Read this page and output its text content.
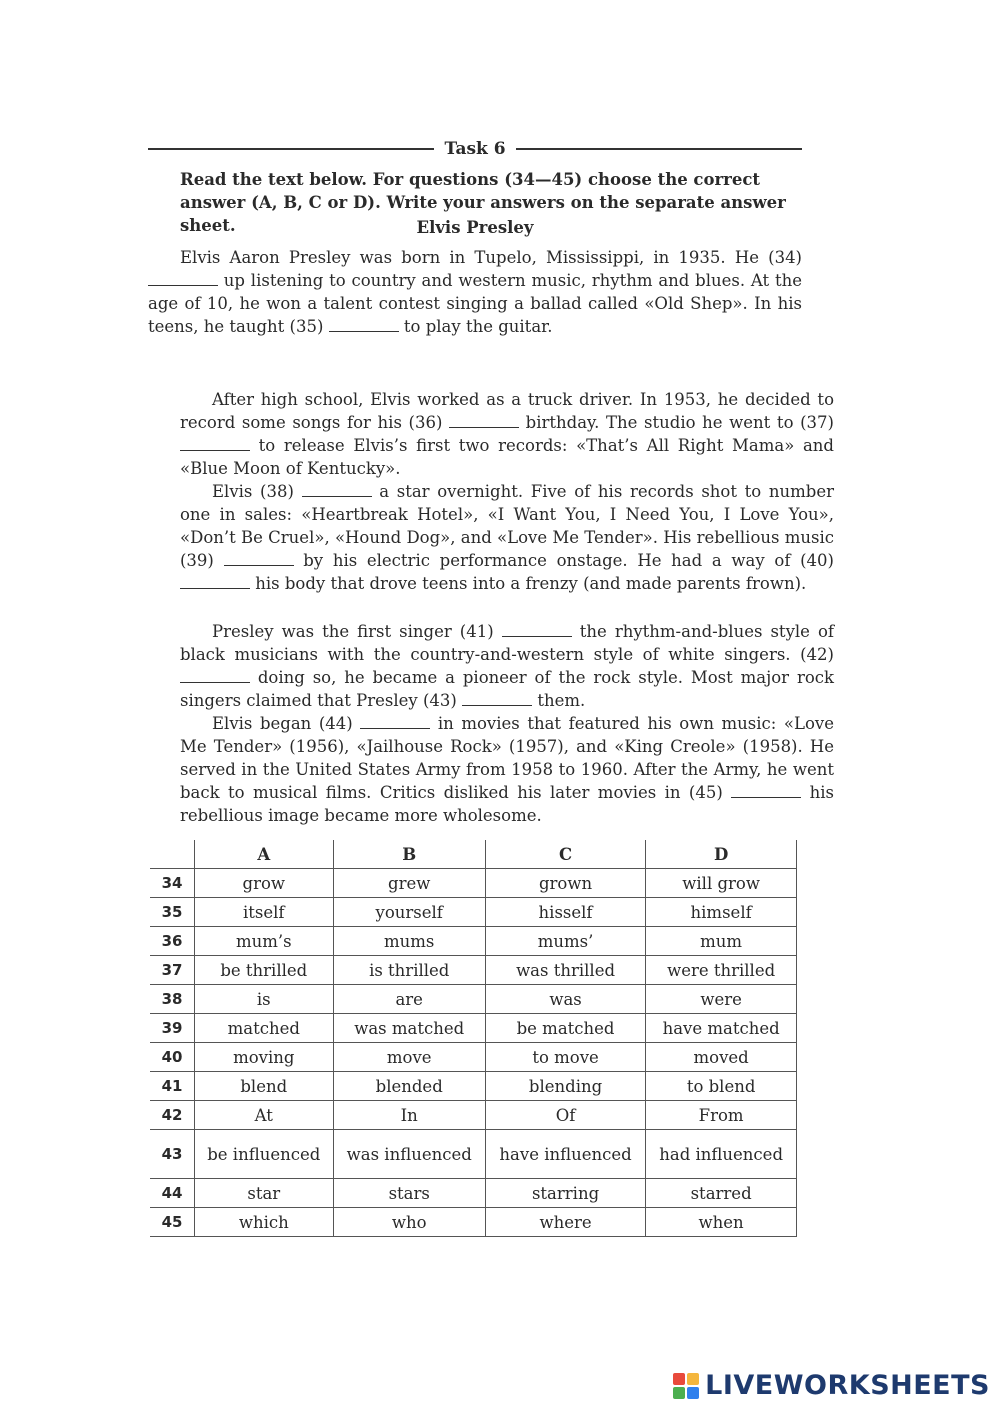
Task 6

Read the text below. For questions (34—45) choose the correct answer (A, B, C or D). Write your answers on the separate answer sheet.	Elvis Presley

Elvis Aaron Presley was born in Tupelo, Mississippi, in 1935. He (34)  up listening to country and western music, rhythm and blues. At the age of 10, he won a talent contest singing a ballad called «Old Shep». In his teens, he taught (35)	to play the guitar.

After high school, Elvis worked as a truck driver. In 1953, he decided to record some songs for his (36)	birthday. The studio he went to (37)  to release Elvis’s first two records: «That’s All Right Mama» and «Blue Moon of Kentucky».

Elvis (38)	a star overnight. Five of his records shot to number one in sales: «Heartbreak Hotel», «I Want You, I Need You, I Love You», «Don’t Be Cruel», «Hound Dog», and «Love Me Tender». His rebellious music (39)	by his electric performance onstage. He had a way of (40)  his body that drove teens into a frenzy (and made parents frown).

Presley was the first singer (41)	the rhythm-and-blues style of black musicians with the country-and-western style of white singers. (42)  doing so, he became a pioneer of the rock style. Most major rock singers claimed that Presley (43)	them.

Elvis began (44)	in movies that featured his own music: «Love Me Tender» (1956), «Jailhouse Rock» (1957), and «King Creole» (1958). He served in the United States Army from 1958 to 1960. After the Army, he went back to musical films. Critics disliked his later movies in (45)	his rebellious image became more wholesome.

	A	B	C	D
34	grow	grew	grown	will grow
35	itself	yourself	hisself	himself
36	mum’s	mums	mums’	mum
37	be thrilled	is thrilled	was thrilled	were thrilled
38	is	are	was	were
39	matched	was matched	be matched	have matched
40	moving	move	to move	moved
41	blend	blended	blending	to blend
42	At	In	Of	From
43	be influenced	was influenced	have influenced	had influenced
44	star	stars	starring	starred
45	which	who	where	when
LIVEWORKSHEETS
